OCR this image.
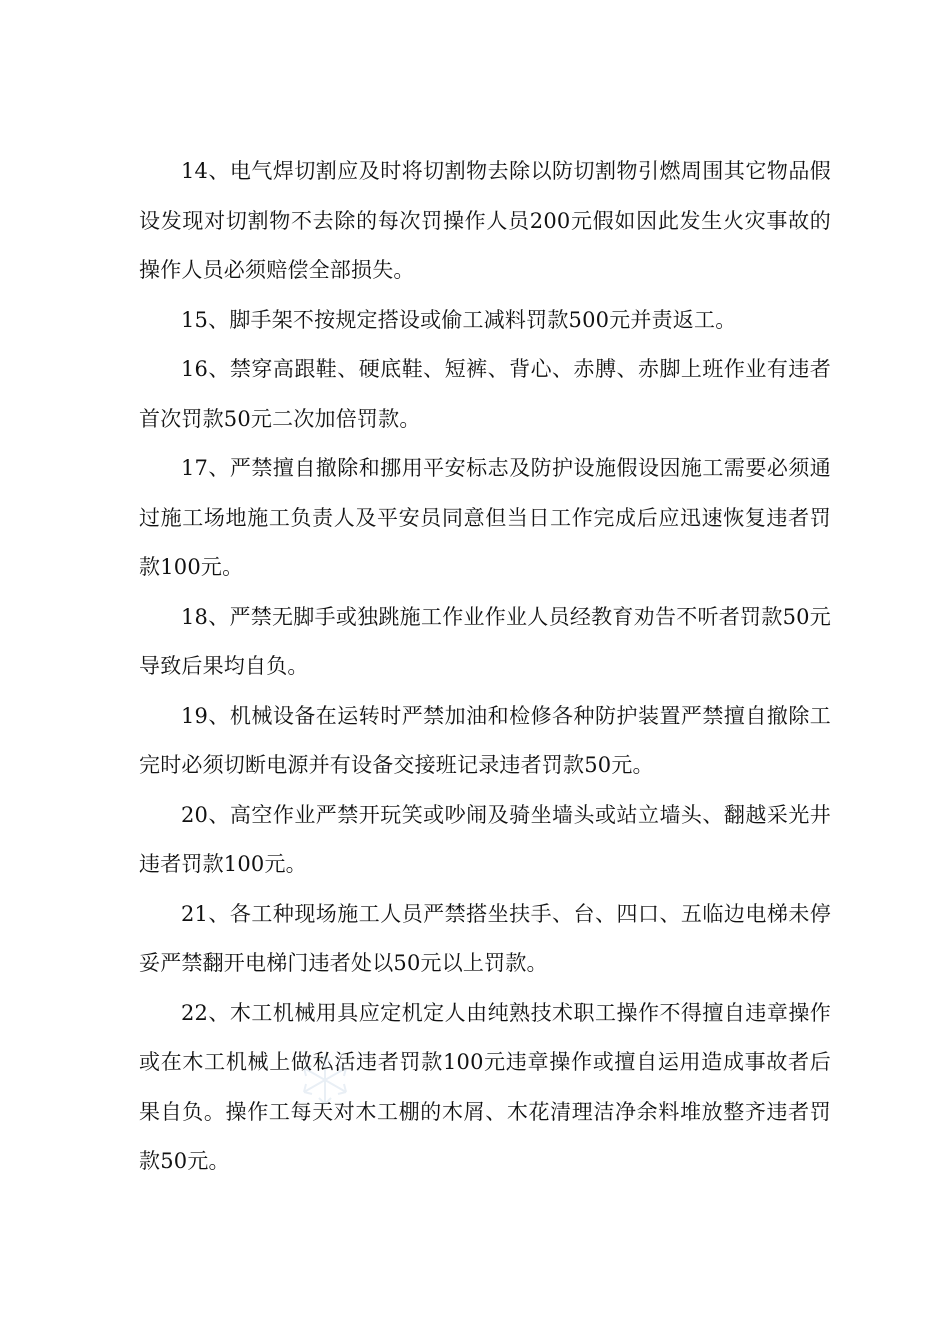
14、电气焊切割应及时将切割物去除以防切割物引燃周围其它物品假设发现对切割物不去除的每次罚操作人员200元假如因此发生火灾事故的操作人员必须赔偿全部损失。

15、脚手架不按规定搭设或偷工减料罚款500元并责返工。

16、禁穿高跟鞋、硬底鞋、短裤、背心、赤膊、赤脚上班作业有违者首次罚款50元二次加倍罚款。

17、严禁擅自撤除和挪用平安标志及防护设施假设因施工需要必须通过施工场地施工负责人及平安员同意但当日工作完成后应迅速恢复违者罚款100元。

18、严禁无脚手或独跳施工作业作业人员经教育劝告不听者罚款50元导致后果均自负。

19、机械设备在运转时严禁加油和检修各种防护装置严禁擅自撤除工完时必须切断电源并有设备交接班记录违者罚款50元。

20、高空作业严禁开玩笑或吵闹及骑坐墙头或站立墙头、翻越采光井违者罚款100元。

21、各工种现场施工人员严禁搭坐扶手、台、四口、五临边电梯未停妥严禁翻开电梯门违者处以50元以上罚款。

22、木工机械用具应定机定人由纯熟技术职工操作不得擅自违章操作或在木工机械上做私活违者罚款100元违章操作或擅自运用造成事故者后果自负。操作工每天对木工棚的木屑、木花清理洁净余料堆放整齐违者罚款50元。
